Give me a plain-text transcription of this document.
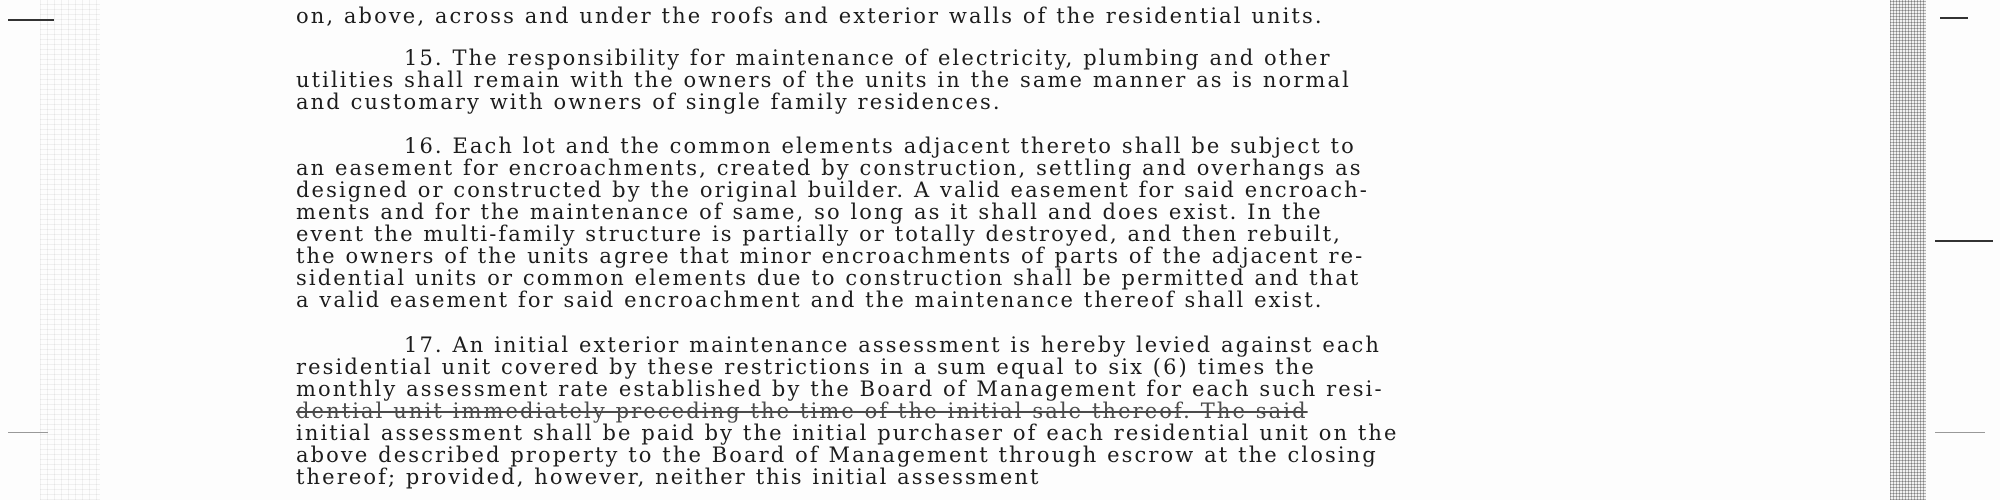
on, above, across and under the roofs and exterior walls of the residential units.
15. The responsibility for maintenance of electricity, plumbing and other
utilities shall remain with the owners of the units in the same manner as is normal
and customary with owners of single family residences.
16. Each lot and the common elements adjacent thereto shall be subject to
an easement for encroachments, created by construction, settling and overhangs as
designed or constructed by the original builder. A valid easement for said encroach-
ments and for the maintenance of same, so long as it shall and does exist. In the
event the multi-family structure is partially or totally destroyed, and then rebuilt,
the owners of the units agree that minor encroachments of parts of the adjacent re-
sidential units or common elements due to construction shall be permitted and that
a valid easement for said encroachment and the maintenance thereof shall exist.
17. An initial exterior maintenance assessment is hereby levied against each
residential unit covered by these restrictions in a sum equal to six (6) times the
monthly assessment rate established by the Board of Management for each such resi-
dential unit immediately preceding the time of the initial sale thereof. The said
initial assessment shall be paid by the initial purchaser of each residential unit on the
above described property to the Board of Management through escrow at the closing
thereof; provided, however, neither this initial assessment
